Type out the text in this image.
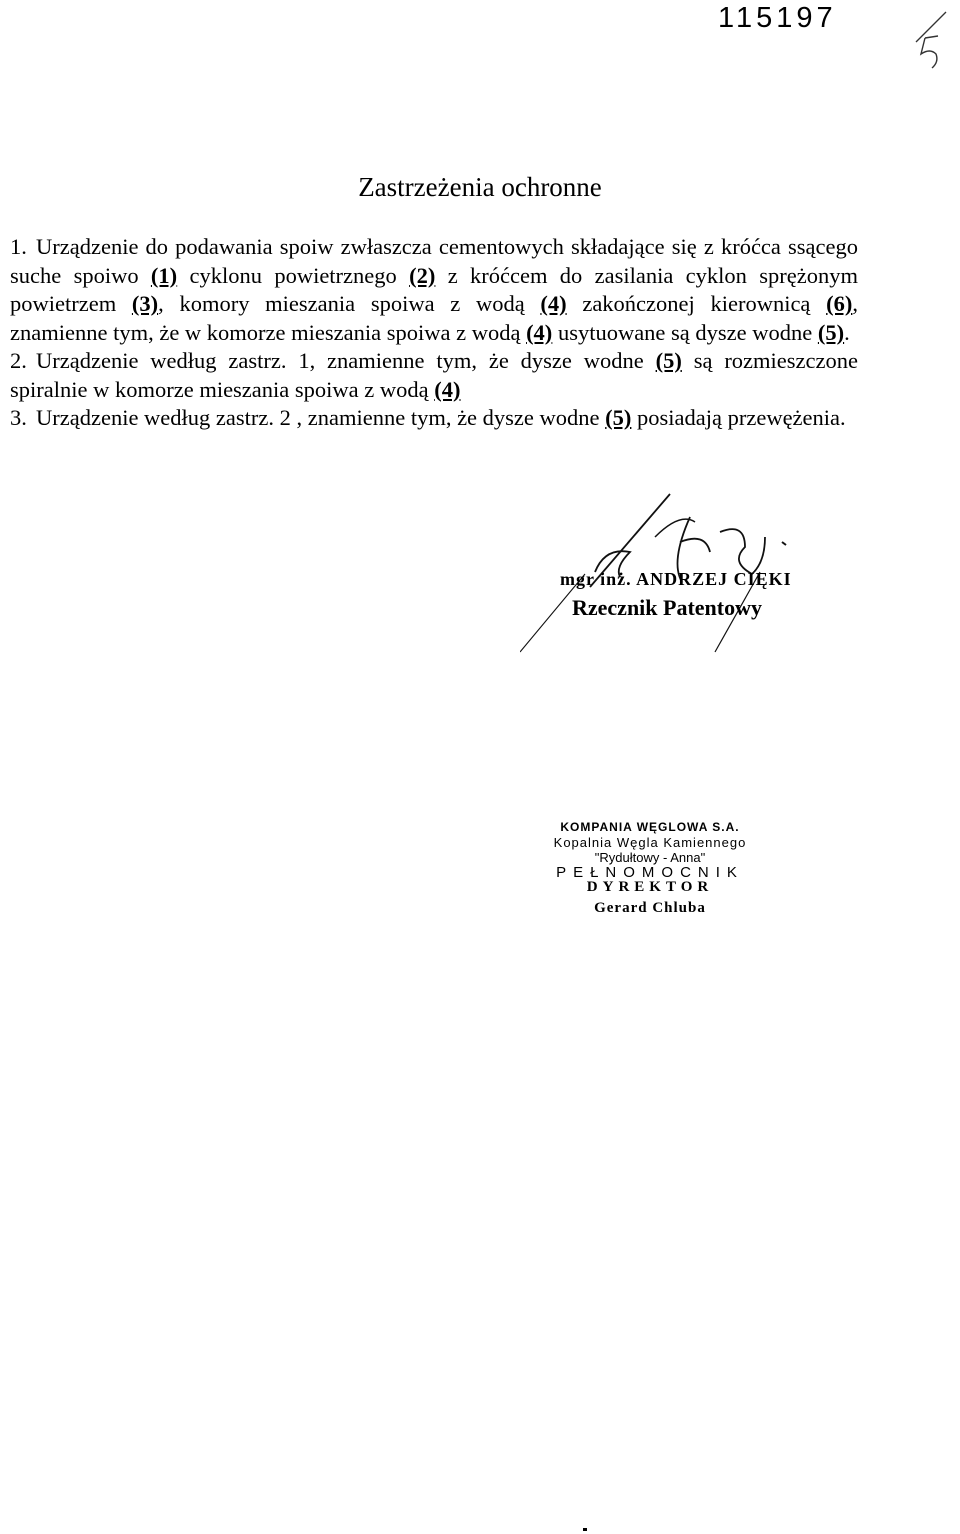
115197
Zastrzeżenia ochronne
1. Urządzenie do podawania spoiw zwłaszcza cementowych składające się z króćca ssącego suche spoiwo (1) cyklonu powietrznego (2) z króćcem do zasilania cyklon sprężonym powietrzem (3), komory mieszania spoiwa z wodą (4) zakończonej kierownicą (6), znamienne tym, że w komorze mieszania spoiwa z wodą (4) usytuowane są dysze wodne (5).
2. Urządzenie według zastrz. 1, znamienne tym, że dysze wodne (5) są rozmieszczone spiralnie w komorze mieszania spoiwa z wodą (4)
3. Urządzenie według zastrz. 2 , znamienne tym, że dysze wodne (5) posiadają przewężenia.
mgr inż. ANDRZEJ CIĘKI
Rzecznik Patentowy
KOMPANIA WĘGLOWA S.A.
Kopalnia Węgla Kamiennego
"Rydułtowy - Anna"
PEŁNOMOCNIK
DYREKTOR
Gerard Chluba
